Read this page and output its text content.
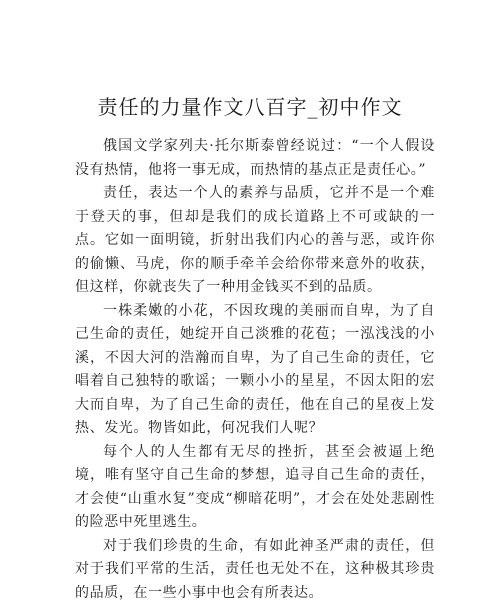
责任的力量作文八百字_初中作文

俄国文学家列夫·托尔斯泰曾经说过：“一个人假设没有热情，他将一事无成，而热情的基点正是责任心。”

责任，表达一个人的素养与品质，它并不是一个难于登天的事，但却是我们的成长道路上不可或缺的一点。它如一面明镜，折射出我们内心的善与恶，或许你的偷懒、马虎，你的顺手牵羊会给你带来意外的收获，但这样，你就丧失了一种用金钱买不到的品质。

一株柔嫩的小花，不因玫瑰的美丽而自卑，为了自己生命的责任，她绽开自己淡雅的花苞；一泓浅浅的小溪，不因大河的浩瀚而自卑，为了自己生命的责任，它唱着自己独特的歌谣；一颗小小的星星，不因太阳的宏大而自卑，为了自己生命的责任，他在自己的星夜上发热、发光。物皆如此，何况我们人呢？

每个人的人生都有无尽的挫折，甚至会被逼上绝境，唯有坚守自己生命的梦想，追寻自己生命的责任，才会使“山重水复”变成“柳暗花明”，才会在处处悲剧性的险恶中死里逃生。

对于我们珍贵的生命，有如此神圣严肃的责任，但对于我们平常的生活，责任也无处不在，这种极其珍贵的品质，在一些小事中也会有所表达。
